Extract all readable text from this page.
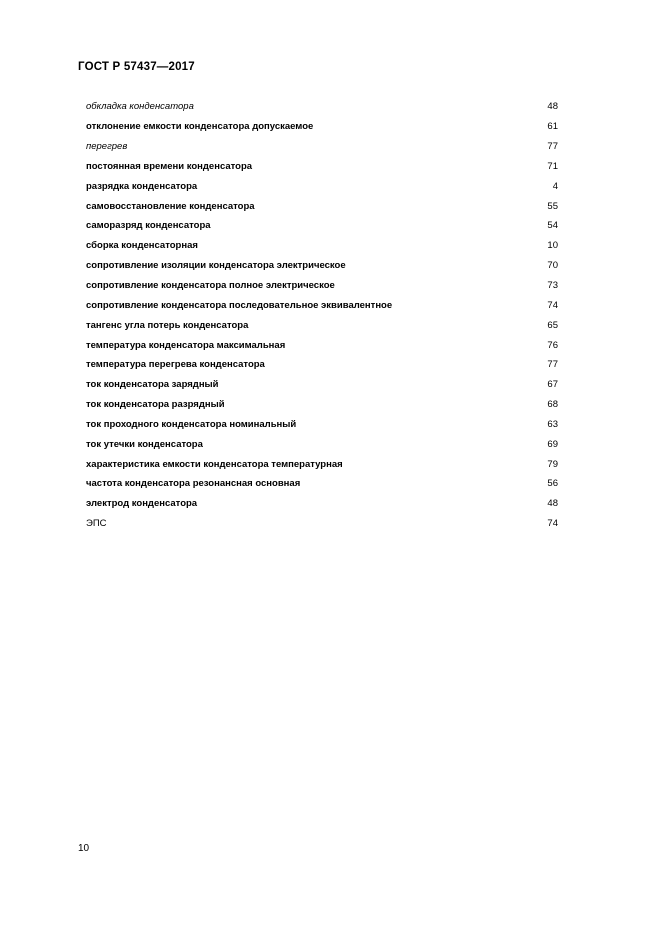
ГОСТ Р 57437—2017
обкладка конденсатора	48
отклонение емкости конденсатора допускаемое	61
перегрев	77
постоянная времени конденсатора	71
разрядка конденсатора	4
самовосстановление конденсатора	55
саморазряд конденсатора	54
сборка конденсаторная	10
сопротивление изоляции конденсатора электрическое	70
сопротивление конденсатора полное электрическое	73
сопротивление конденсатора последовательное эквивалентное	74
тангенс угла потерь конденсатора	65
температура конденсатора максимальная	76
температура перегрева конденсатора	77
ток конденсатора зарядный	67
ток конденсатора разрядный	68
ток проходного конденсатора номинальный	63
ток утечки конденсатора	69
характеристика емкости конденсатора температурная	79
частота конденсатора резонансная основная	56
электрод конденсатора	48
ЭПС	74
10
